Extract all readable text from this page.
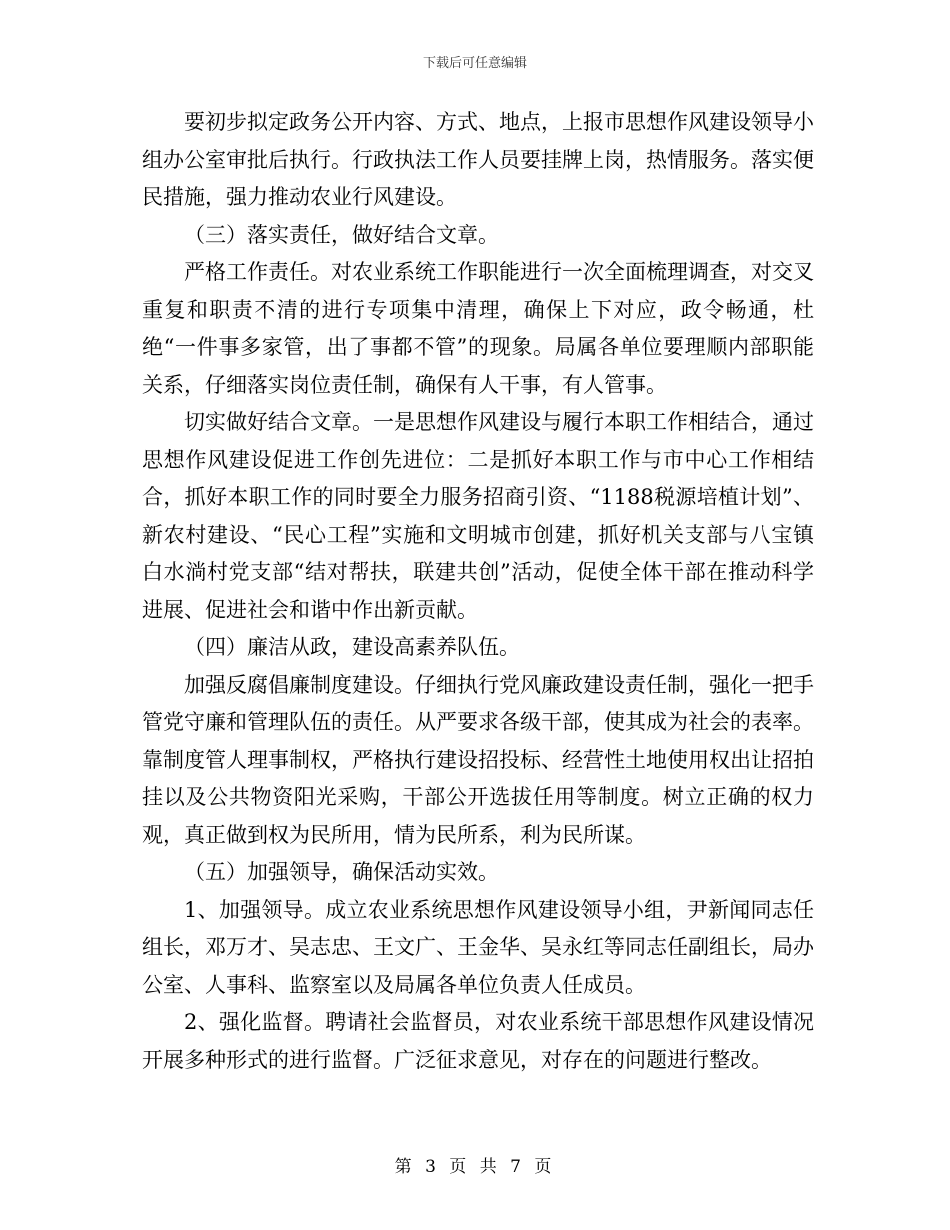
下载后可任意编辑

要初步拟定政务公开内容、方式、地点，上报市思想作风建设领导小组办公室审批后执行。行政执法工作人员要挂牌上岗，热情服务。落实便民措施，强力推动农业行风建设。

（三）落实责任，做好结合文章。

严格工作责任。对农业系统工作职能进行一次全面梳理调查，对交叉重复和职责不清的进行专项集中清理，确保上下对应，政令畅通，杜绝“一件事多家管，出了事都不管”的现象。局属各单位要理顺内部职能关系，仔细落实岗位责任制，确保有人干事，有人管事。

切实做好结合文章。一是思想作风建设与履行本职工作相结合，通过思想作风建设促进工作创先进位：二是抓好本职工作与市中心工作相结合，抓好本职工作的同时要全力服务招商引资、“1188税源培植计划”、新农村建设、“民心工程”实施和文明城市创建，抓好机关支部与八宝镇白水淌村党支部“结对帮扶，联建共创”活动，促使全体干部在推动科学进展、促进社会和谐中作出新贡献。

（四）廉洁从政，建设高素养队伍。

加强反腐倡廉制度建设。仔细执行党风廉政建设责任制，强化一把手管党守廉和管理队伍的责任。从严要求各级干部，使其成为社会的表率。靠制度管人理事制权，严格执行建设招投标、经营性土地使用权出让招拍挂以及公共物资阳光采购，干部公开选拔任用等制度。树立正确的权力观，真正做到权为民所用，情为民所系，利为民所谋。

（五）加强领导，确保活动实效。

1、加强领导。成立农业系统思想作风建设领导小组，尹新闻同志任组长，邓万才、吴志忠、王文广、王金华、吴永红等同志任副组长，局办公室、人事科、监察室以及局属各单位负责人任成员。

2、强化监督。聘请社会监督员，对农业系统干部思想作风建设情况开展多种形式的进行监督。广泛征求意见，对存在的问题进行整改。

第 3 页 共 7 页
